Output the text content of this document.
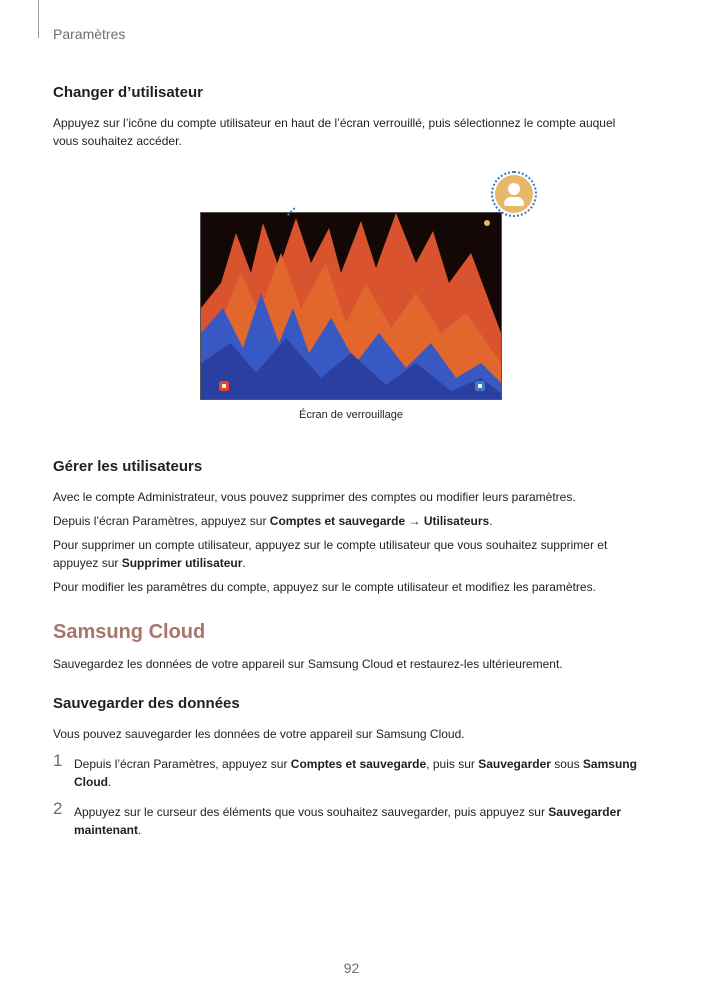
Paramètres
Changer d’utilisateur

Appuyez sur l’icône du compte utilisateur en haut de l’écran verrouillé, puis sélectionnez le compte auquel vous souhaitez accéder.

Écran de verrouillage
Gérer les utilisateurs

Avec le compte Administrateur, vous pouvez supprimer des comptes ou modifier leurs paramètres.

Depuis l’écran Paramètres, appuyez sur Comptes et sauvegarde → Utilisateurs.

Pour supprimer un compte utilisateur, appuyez sur le compte utilisateur que vous souhaitez supprimer et appuyez sur Supprimer utilisateur.

Pour modifier les paramètres du compte, appuyez sur le compte utilisateur et modifiez les paramètres.

Samsung Cloud

Sauvegardez les données de votre appareil sur Samsung Cloud et restaurez-les ultérieurement.

Sauvegarder des données

Vous pouvez sauvegarder les données de votre appareil sur Samsung Cloud.

1 Depuis l’écran Paramètres, appuyez sur Comptes et sauvegarde, puis sur Sauvegarder sous Samsung Cloud.

2 Appuyez sur le curseur des éléments que vous souhaitez sauvegarder, puis appuyez sur Sauvegarder maintenant.

92
